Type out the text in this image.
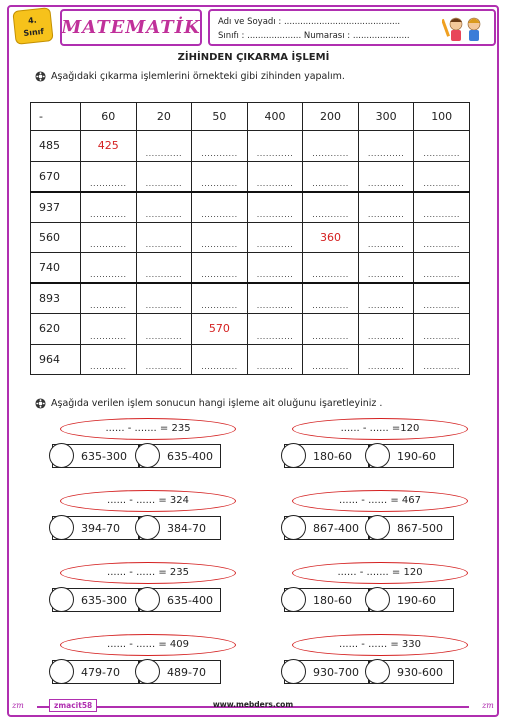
4.
Sınıf MATEMATİK Adı ve Soyadı : ...........................................
Sınıfı : .................... Numarası : .....................
ZİHİNDEN ÇIKARMA İŞLEMİ
Aşağıdaki çıkarma işlemlerini örnekteki gibi zihinden yapalım.
-	60	20	50	400	200	300	100
485	425	............	............	............	............	............	............

670	............	............	............	............	............	............	............

937	............	............	............	............	............	............	............

560	............	............	............	............	360	............	............

740	............	............	............	............	............	............	............

893	............	............	............	............	............	............	............

620	............	............	570	............	............	............	............

964	............	............	............	............	............	............	............
Aşağıda verilen işlem sonucun hangi işleme ait oluğunu işaretleyiniz .
...... - ....... = 235
635-300	635-400
...... - ...... =120
180-60	190-60
...... - ...... = 324
394-70	384-70
...... - ...... = 467
867-400	867-500
...... - ...... = 235
635-300	635-400
...... - ....... = 120
180-60	190-60
...... - ...... = 409
479-70	489-70
...... - ...... = 330
930-700	930-600
zm	zmacit58	www.mebders.com	zm
